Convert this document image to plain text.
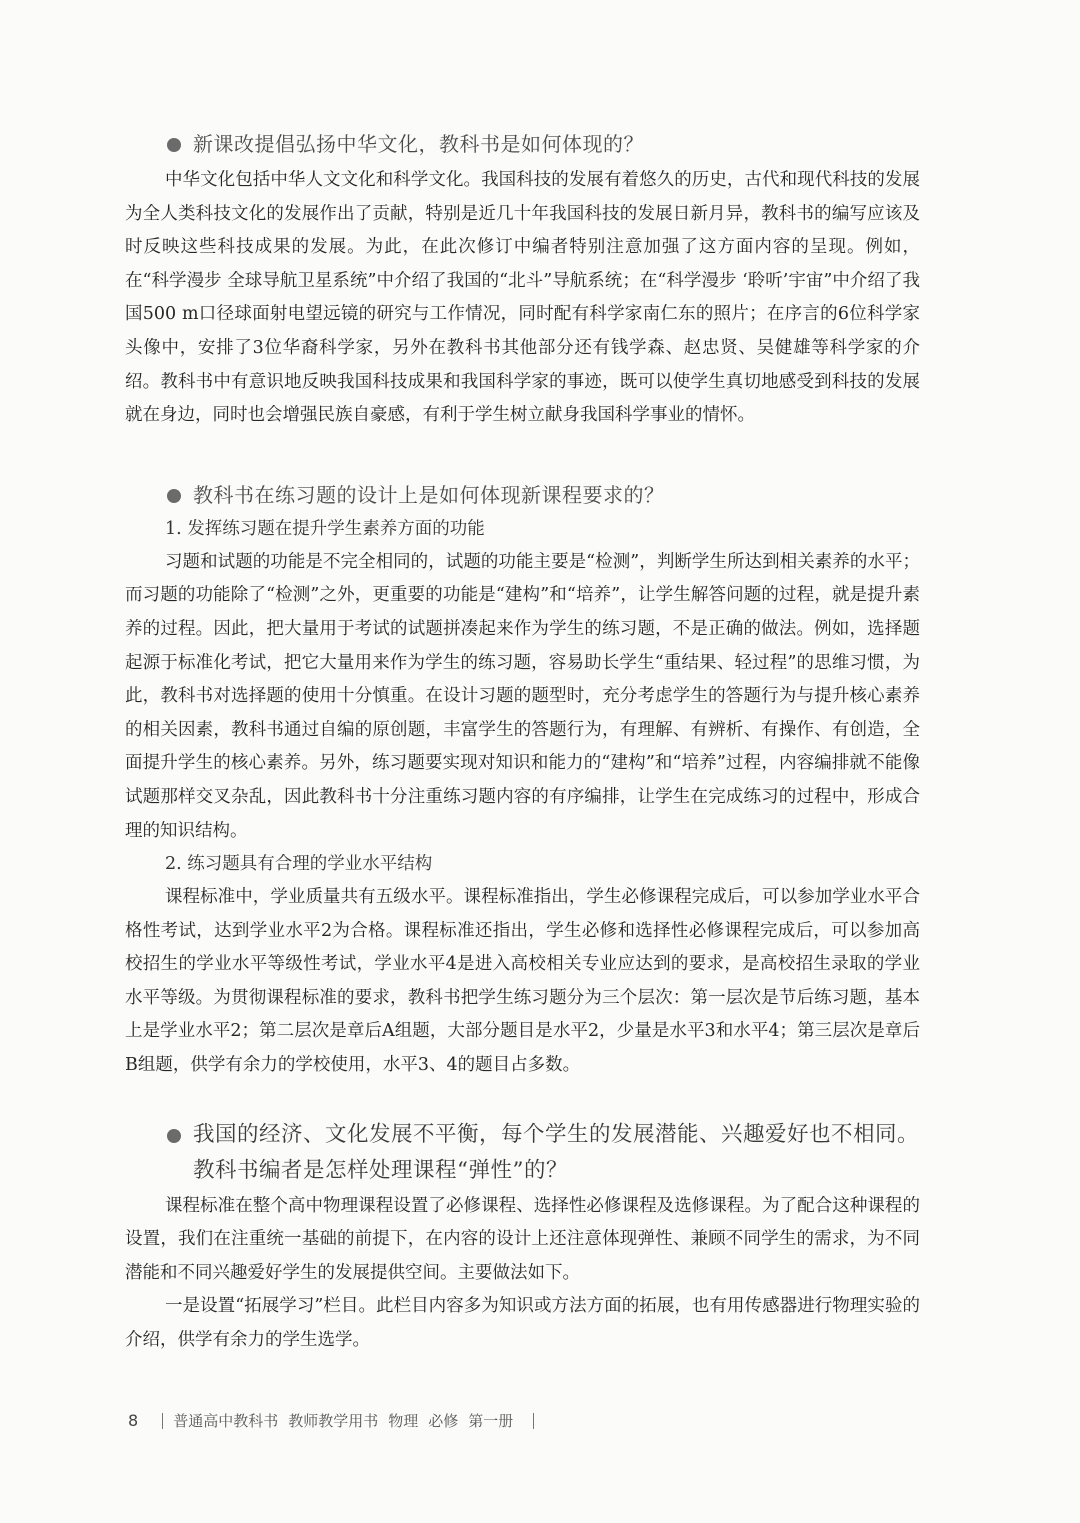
新课改提倡弘扬中华文化，教科书是如何体现的？

中华文化包括中华人文文化和科学文化。我国科技的发展有着悠久的历史，古代和现代科技的发展为全人类科技文化的发展作出了贡献，特别是近几十年我国科技的发展日新月异，教科书的编写应该及时反映这些科技成果的发展。为此，在此次修订中编者特别注意加强了这方面内容的呈现。例如，在“科学漫步 全球导航卫星系统”中介绍了我国的“北斗”导航系统；在“科学漫步 ‘聆听’宇宙”中介绍了我国500 m口径球面射电望远镜的研究与工作情况，同时配有科学家南仁东的照片；在序言的6位科学家头像中，安排了3位华裔科学家，另外在教科书其他部分还有钱学森、赵忠贤、吴健雄等科学家的介绍。教科书中有意识地反映我国科技成果和我国科学家的事迹，既可以使学生真切地感受到科技的发展就在身边，同时也会增强民族自豪感，有利于学生树立献身我国科学事业的情怀。

教科书在练习题的设计上是如何体现新课程要求的？

1. 发挥练习题在提升学生素养方面的功能

习题和试题的功能是不完全相同的，试题的功能主要是“检测”，判断学生所达到相关素养的水平；而习题的功能除了“检测”之外，更重要的功能是“建构”和“培养”，让学生解答问题的过程，就是提升素养的过程。因此，把大量用于考试的试题拼凑起来作为学生的练习题，不是正确的做法。例如，选择题起源于标准化考试，把它大量用来作为学生的练习题，容易助长学生“重结果、轻过程”的思维习惯，为此，教科书对选择题的使用十分慎重。在设计习题的题型时，充分考虑学生的答题行为与提升核心素养的相关因素，教科书通过自编的原创题，丰富学生的答题行为，有理解、有辨析、有操作、有创造，全面提升学生的核心素养。另外，练习题要实现对知识和能力的“建构”和“培养”过程，内容编排就不能像试题那样交叉杂乱，因此教科书十分注重练习题内容的有序编排，让学生在完成练习的过程中，形成合理的知识结构。

2. 练习题具有合理的学业水平结构

课程标准中，学业质量共有五级水平。课程标准指出，学生必修课程完成后，可以参加学业水平合格性考试，达到学业水平2为合格。课程标准还指出，学生必修和选择性必修课程完成后，可以参加高校招生的学业水平等级性考试，学业水平4是进入高校相关专业应达到的要求，是高校招生录取的学业水平等级。为贯彻课程标准的要求，教科书把学生练习题分为三个层次：第一层次是节后练习题，基本上是学业水平2；第二层次是章后A组题，大部分题目是水平2，少量是水平3和水平4；第三层次是章后B组题，供学有余力的学校使用，水平3、4的题目占多数。

我国的经济、文化发展不平衡，每个学生的发展潜能、兴趣爱好也不相同。
教科书编者是怎样处理课程“弹性”的？

课程标准在整个高中物理课程设置了必修课程、选择性必修课程及选修课程。为了配合这种课程的设置，我们在注重统一基础的前提下，在内容的设计上还注意体现弹性、兼顾不同学生的需求，为不同潜能和不同兴趣爱好学生的发展提供空间。主要做法如下。

一是设置“拓展学习”栏目。此栏目内容多为知识或方法方面的拓展，也有用传感器进行物理实验的介绍，供学有余力的学生选学。

8 普通高中教科书 教师教学用书 物理 必修 第一册
